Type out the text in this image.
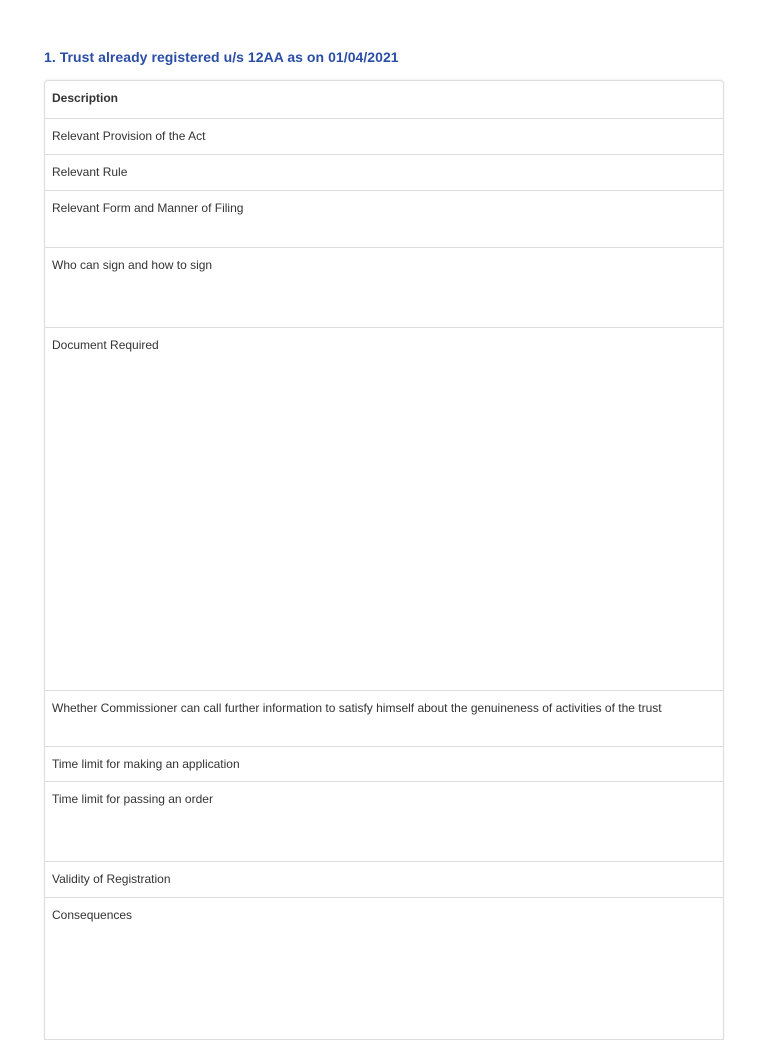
1. Trust already registered u/s 12AA as on 01/04/2021
Description
Relevant Provision of the Act
Relevant Rule
Relevant Form and Manner of Filing
Who can sign and how to sign
Document Required
Whether Commissioner can call further information to satisfy himself about the genuineness of activities of the trust
Time limit for making an application
Time limit for passing an order
Validity of Registration
Consequences
